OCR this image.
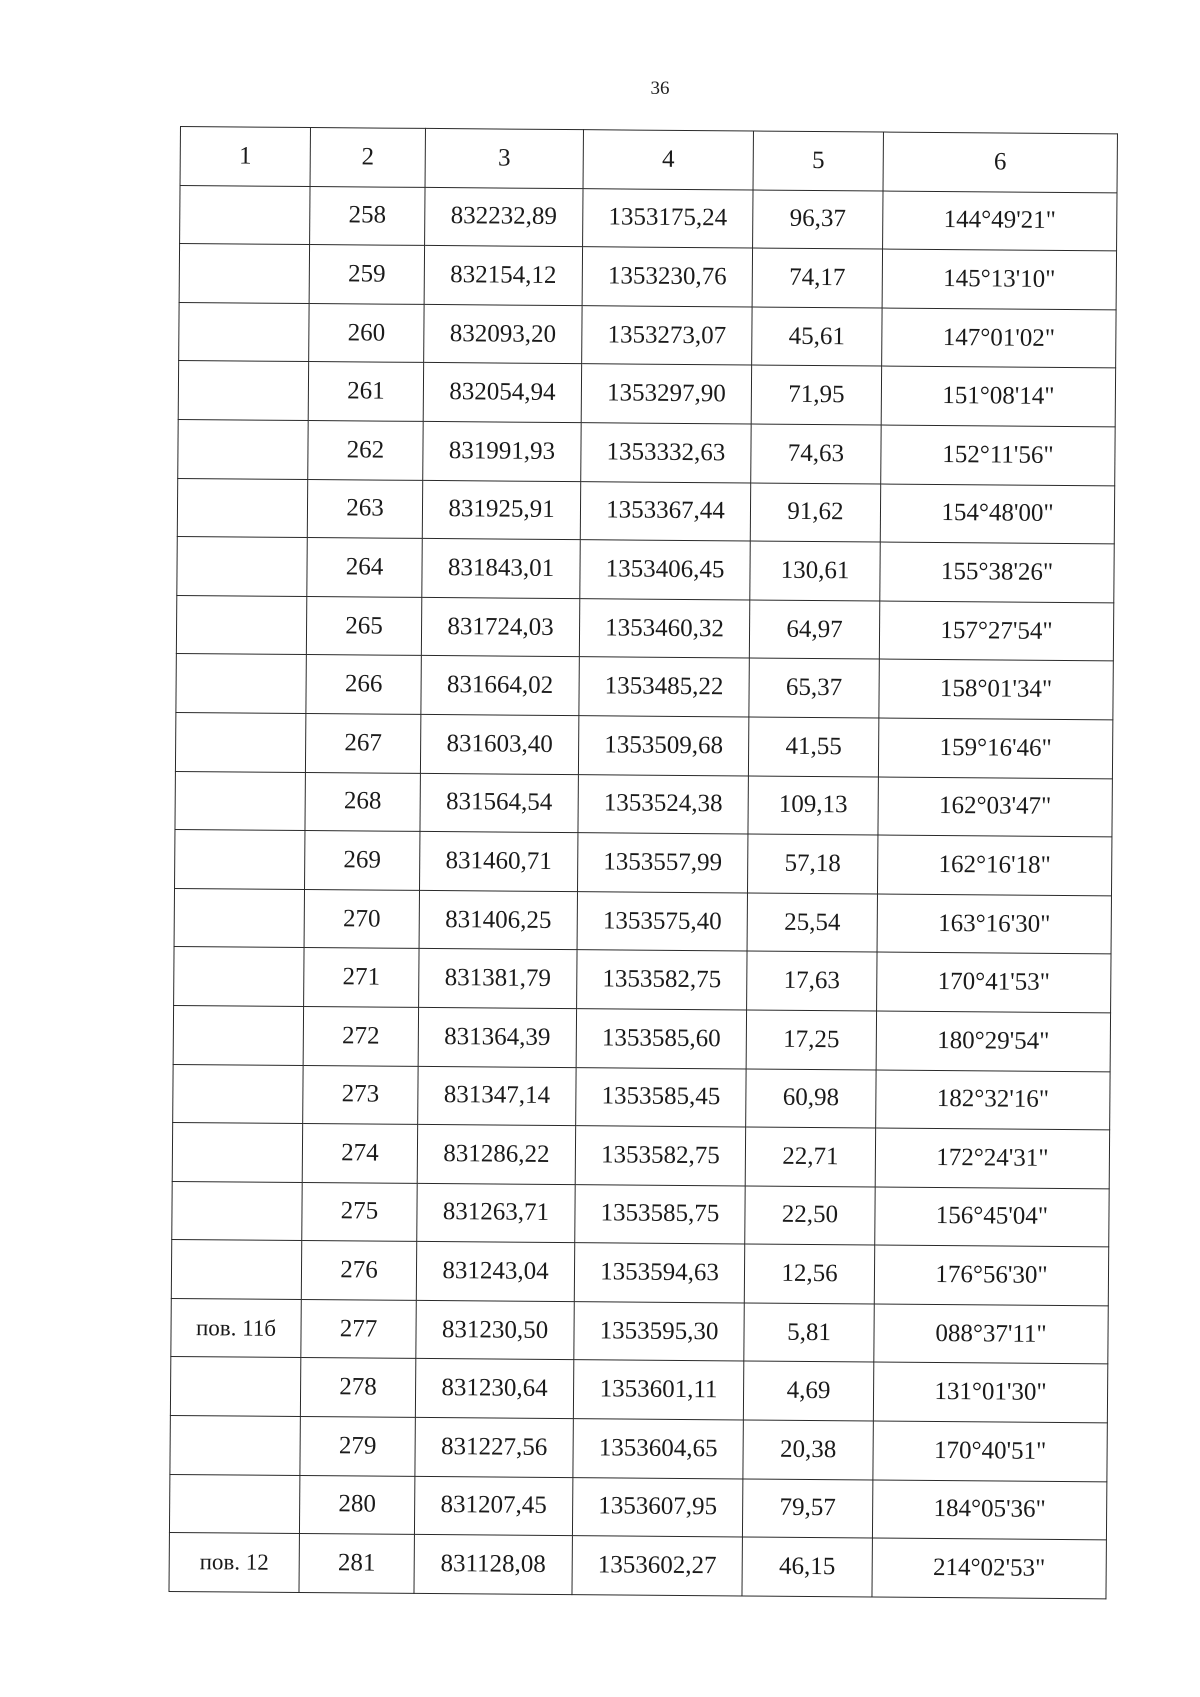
36
1	2	3	4	5	6
	258	832232,89	1353175,24	96,37	144°49'21"
	259	832154,12	1353230,76	74,17	145°13'10"
	260	832093,20	1353273,07	45,61	147°01'02"
	261	832054,94	1353297,90	71,95	151°08'14"
	262	831991,93	1353332,63	74,63	152°11'56"
	263	831925,91	1353367,44	91,62	154°48'00"
	264	831843,01	1353406,45	130,61	155°38'26"
	265	831724,03	1353460,32	64,97	157°27'54"
	266	831664,02	1353485,22	65,37	158°01'34"
	267	831603,40	1353509,68	41,55	159°16'46"
	268	831564,54	1353524,38	109,13	162°03'47"
	269	831460,71	1353557,99	57,18	162°16'18"
	270	831406,25	1353575,40	25,54	163°16'30"
	271	831381,79	1353582,75	17,63	170°41'53"
	272	831364,39	1353585,60	17,25	180°29'54"
	273	831347,14	1353585,45	60,98	182°32'16"
	274	831286,22	1353582,75	22,71	172°24'31"
	275	831263,71	1353585,75	22,50	156°45'04"
	276	831243,04	1353594,63	12,56	176°56'30"
пов. 11б	277	831230,50	1353595,30	5,81	088°37'11"
	278	831230,64	1353601,11	4,69	131°01'30"
	279	831227,56	1353604,65	20,38	170°40'51"
	280	831207,45	1353607,95	79,57	184°05'36"
пов. 12	281	831128,08	1353602,27	46,15	214°02'53"
